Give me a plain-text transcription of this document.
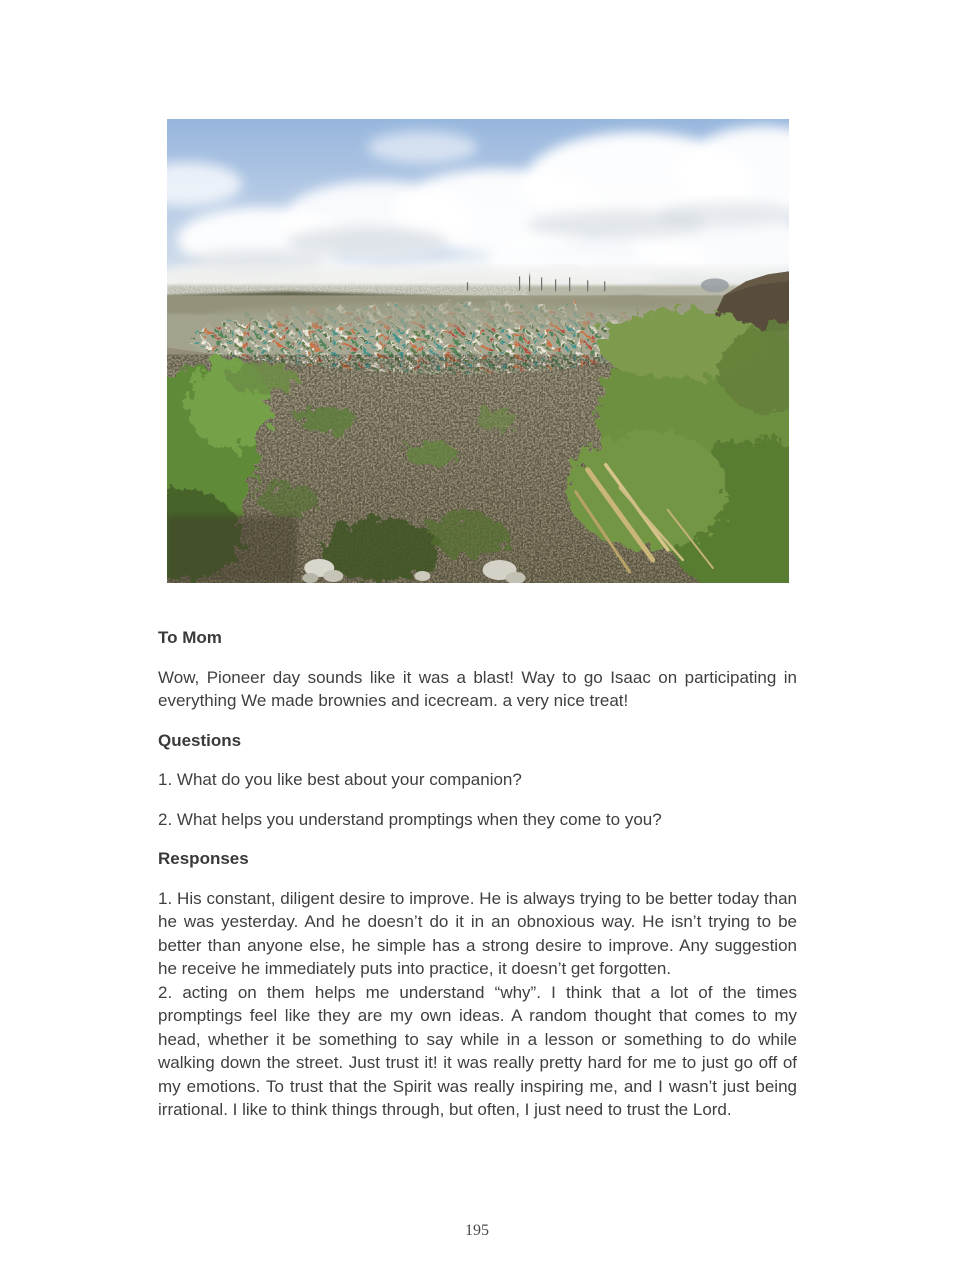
To Mom

Wow, Pioneer day sounds like it was a blast! Way to go Isaac on participating in everything We made brownies and icecream. a very nice treat!

Questions

1. What do you like best about your companion?

2. What helps you understand promptings when they come to you?

Responses

1. His constant, diligent desire to improve. He is always trying to be better today than he was yesterday. And he doesn’t do it in an obnoxious way. He isn’t trying to be better than anyone else, he simple has a strong desire to improve. Any suggestion he receive he immediately puts into practice, it doesn’t get forgotten.

2. acting on them helps me understand “why”. I think that a lot of the times promptings feel like they are my own ideas. A random thought that comes to my head, whether it be something to say while in a lesson or something to do while walking down the street. Just trust it! it was really pretty hard for me to just go off of my emotions. To trust that the Spirit was really inspiring me, and I wasn’t just being irrational. I like to think things through, but often, I just need to trust the Lord.

195
